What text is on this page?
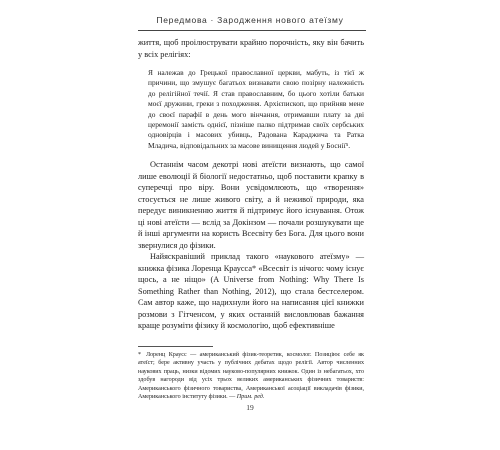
Передмова · Зародження нового атеїзму

життя, щоб проілюструвати крайню порочність, яку він бачить у всіх релігіях:

Я належав до Грецької православної церкви, мабуть, із тієї ж причини, що змушує багатьох визнавати свою позірну належність до релігійної течії. Я став православним, бо цього хотіли батьки моєї дружини, греки з походження. Архієпископ, що прийняв мене до своєї парафії в день мого вінчання, отримавши плату за дві церемонії замість однієї, пізніше палко підтримав своїх сербських одновірців і масових убивць, Радована Караджича та Ратка Младича, відповідальних за масове винищення людей у Боснії⁵.

Останнім часом декотрі нові атеїсти визнають, що самої лише еволюції й біології недостатньо, щоб поставити крапку в суперечці про віру. Вони усвідомлюють, що «творення» стосується не лише живого світу, а й неживої природи, яка передує виникненню життя й підтримує його існування. Отож ці нові атеїсти — вслід за Докінзом — почали розшукувати ще й інші аргументи на користь Всесвіту без Бога. Для цього вони звернулися до фізики.

Найяскравіший приклад такого «наукового атеїзму» — книжка фізика Лоренца Краусса* «Всесвіт із нічого: чому існує щось, а не ніщо» (A Universe from Nothing: Why There Is Something Rather than Nothing, 2012), що стала бестселером. Сам автор каже, що надихнули його на написання цієї книжки розмови з Гітченсом, у яких останній висловлював бажання краще розуміти фізику й космологію, щоб ефективніше

* Лоренц Краусс — американський фізик-теоретик, космолог. Позиціює себе як атеїст; бере активну участь у публічних дебатах щодо релігії. Автор численних наукових праць, низки відомих науково-популярних книжок. Один із небагатьох, хто здобув нагороди від усіх трьох великих американських фізичних товариств: Американського фізичного товариства, Американської асоціації викладачів фізики, Американського інституту фізики. — Прим. ред.
19
